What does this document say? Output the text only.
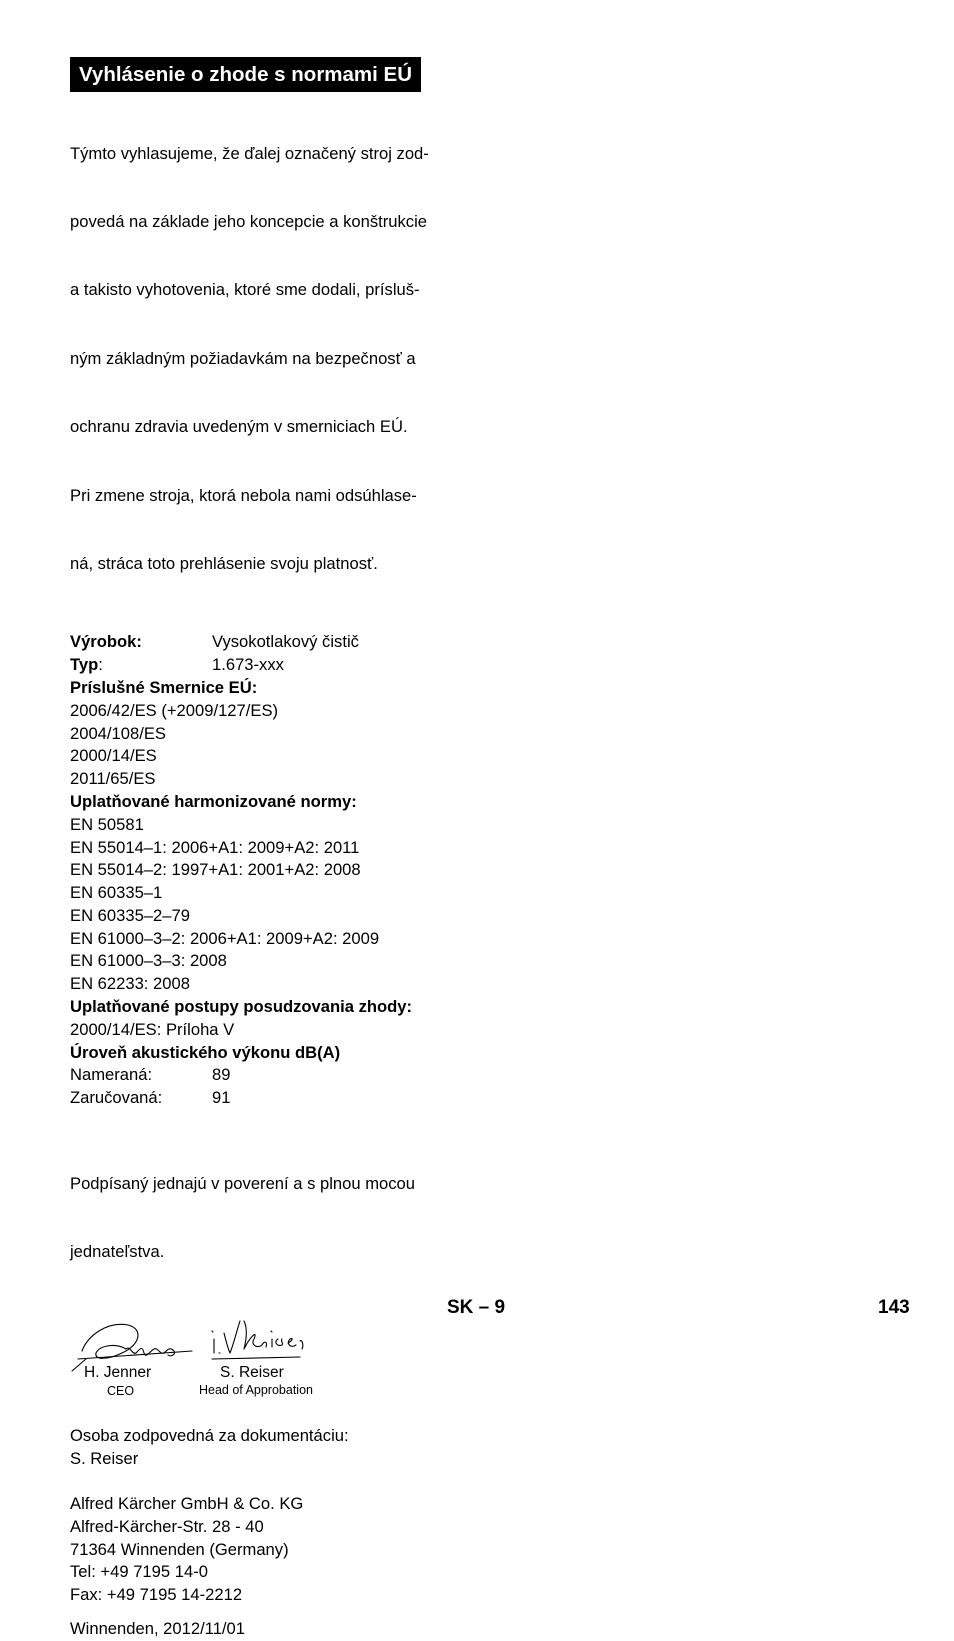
Vyhlásenie o zhode s normami EÚ

Týmto vyhlasujeme, že ďalej označený stroj zod-

povedá na základe jeho koncepcie a konštrukcie

a takisto vyhotovenia, ktoré sme dodali, prísluš-

ným základným požiadavkám na bezpečnosť a

ochranu zdravia uvedeným v smerniciach EÚ.

Pri zmene stroja, ktorá nebola nami odsúhlase-

ná, stráca toto prehlásenie svoju platnosť.

Výrobok:	Vysokotlakový čistič
Typ:	1.673-xxx
Príslušné Smernice EÚ:
2006/42/ES (+2009/127/ES)
2004/108/ES
2000/14/ES
2011/65/ES
Uplatňované harmonizované normy:
EN 50581
EN 55014–1: 2006+A1: 2009+A2: 2011
EN 55014–2: 1997+A1: 2001+A2: 2008
EN 60335–1
EN 60335–2–79
EN 61000–3–2: 2006+A1: 2009+A2: 2009
EN 61000–3–3: 2008
EN 62233: 2008
Uplatňované postupy posudzovania zhody:
2000/14/ES: Príloha V
Úroveň akustického výkonu dB(A)
Nameraná:	89
Zaručovaná:	91

Podpísaný jednajú v poverení a s plnou mocou

jednateľstva.

H. Jenner
CEO
S. Reiser
Head of Approbation
Osoba zodpovedná za dokumentáciu:
S. Reiser
Alfred Kärcher GmbH & Co. KG
Alfred-Kärcher-Str. 28 - 40
71364 Winnenden (Germany)
Tel: +49 7195 14-0
Fax: +49 7195 14-2212
Winnenden, 2012/11/01
SK – 9	143
